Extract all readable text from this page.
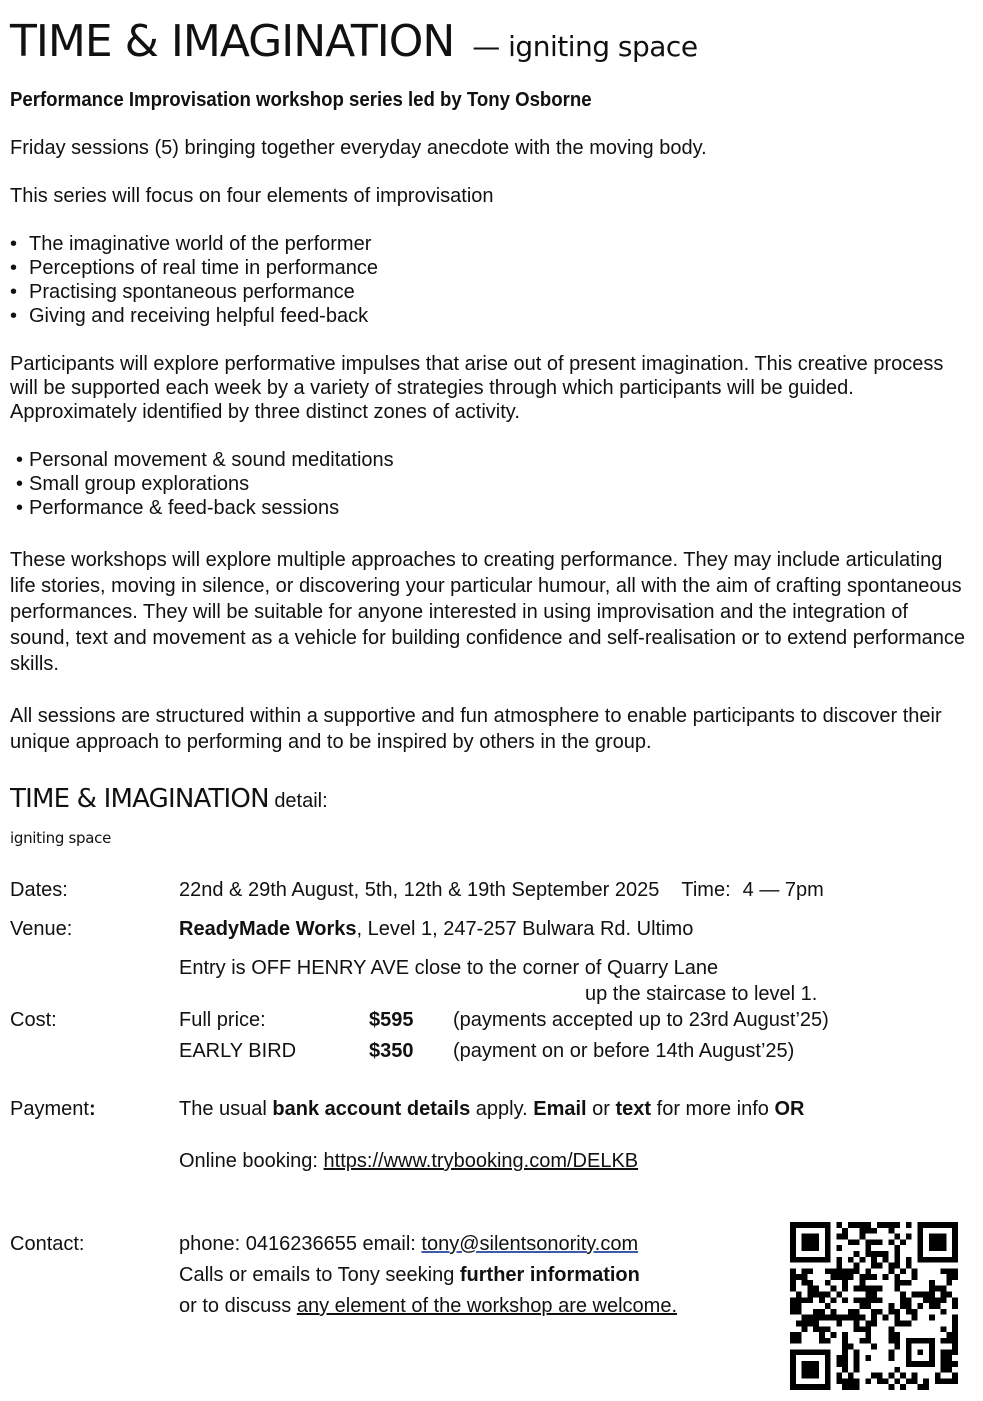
TIME & IMAGINATION — igniting space
Performance Improvisation workshop series led by Tony Osborne

Friday sessions (5) bringing together everyday anecdote with the moving body.

This series will focus on four elements of improvisation

• The imaginative world of the performer
• Perceptions of real time in performance
• Practising spontaneous performance
• Giving and receiving helpful feed-back

Participants will explore performative impulses that arise out of present imagination. This creative process will be supported each week by a variety of strategies through which participants will be guided. Approximately identified by three distinct zones of activity.

• Personal movement & sound meditations
• Small group explorations
• Performance & feed-back sessions

These workshops will explore multiple approaches to creating performance. They may include articulating life stories, moving in silence, or discovering your particular humour, all with the aim of crafting spontaneous performances. They will be suitable for anyone interested in using improvisation and the integration of sound, text and movement as a vehicle for building confidence and self-realisation or to extend performance skills.

All sessions are structured within a supportive and fun atmosphere to enable participants to discover their unique approach to performing and to be inspired by others in the group.

TIME & IMAGINATION detail:
igniting space
Dates:	22nd & 29th August, 5th, 12th & 19th September 2025 Time: 4 — 7pm
Venue:	ReadyMade Works, Level 1, 247-257 Bulwara Rd. Ultimo
Entry is OFF HENRY AVE close to the corner of Quarry Lane
up the staircase to level 1.
Cost:	Full price:	$595 (payments accepted up to 23rd August’25)
EARLY BIRD	$350 (payment on or before 14th August’25)
Payment:	The usual bank account details apply. Email or text for more info OR
Online booking: https://www.trybooking.com/DELKB
Contact:	phone: 0416236655 email: tony@silentsonority.com
Calls or emails to Tony seeking further information
or to discuss any element of the workshop are welcome.
